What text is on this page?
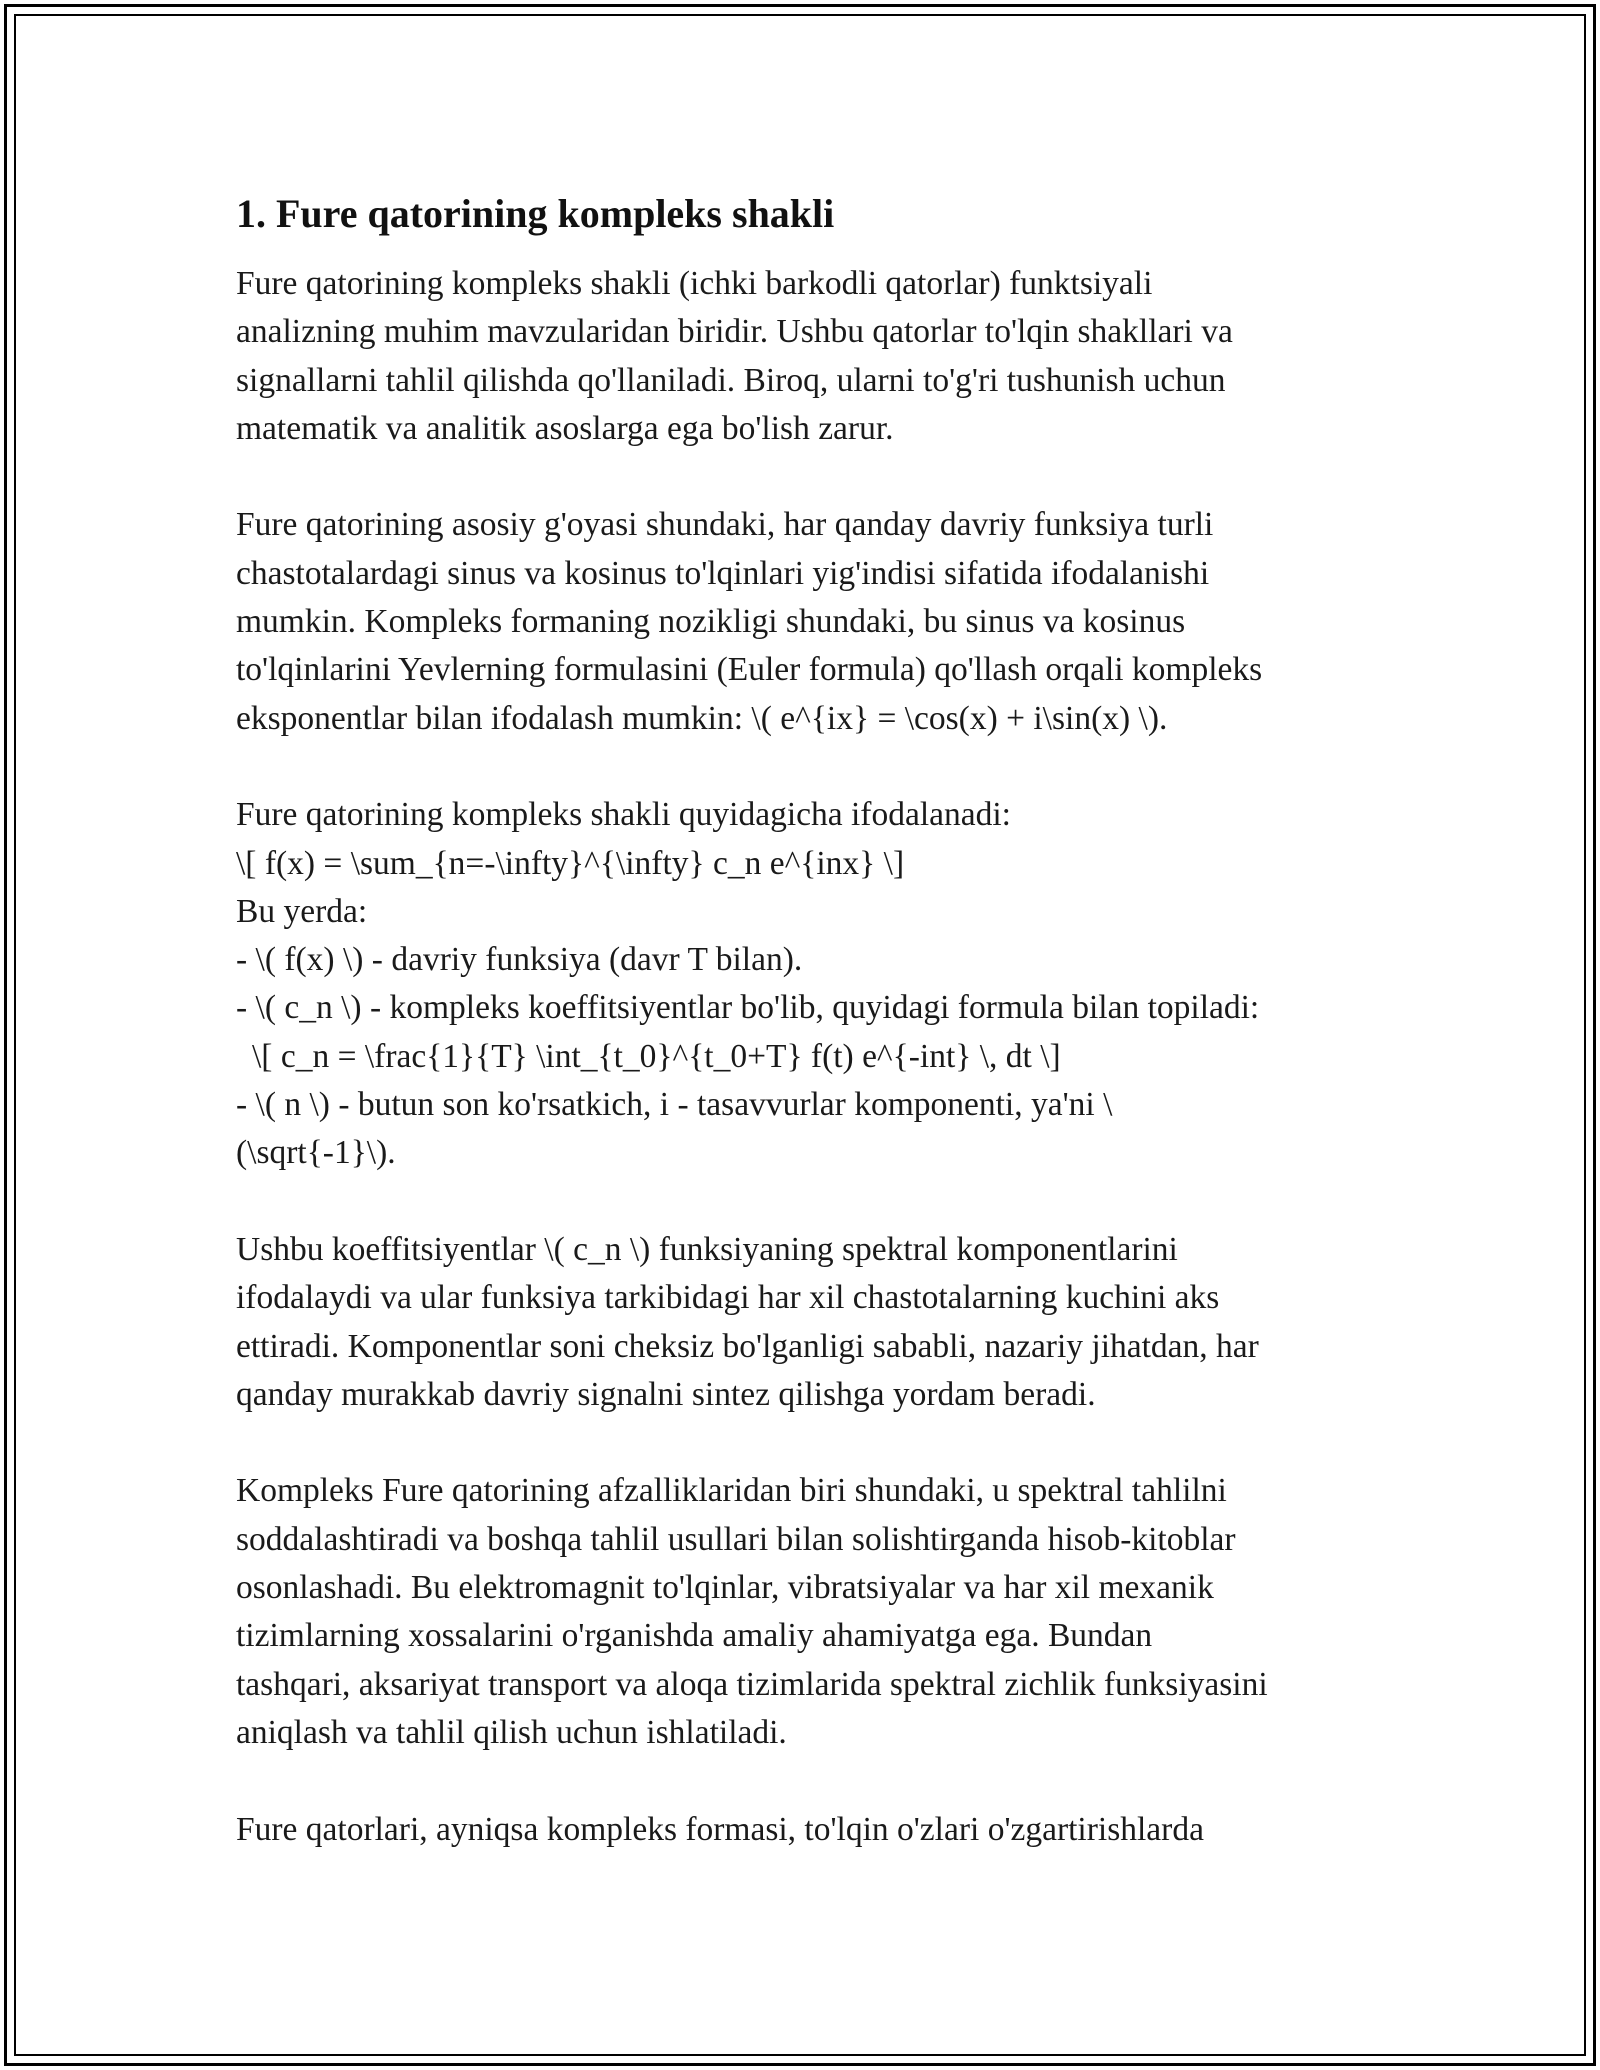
1. Fure qatorining kompleks shakli

Fure qatorining kompleks shakli (ichki barkodli qatorlar) funktsiyali
analizning muhim mavzularidan biridir. Ushbu qatorlar to'lqin shakllari va
signallarni tahlil qilishda qo'llaniladi. Biroq, ularni to'g'ri tushunish uchun
matematik va analitik asoslarga ega bo'lish zarur.

Fure qatorining asosiy g'oyasi shundaki, har qanday davriy funksiya turli
chastotalardagi sinus va kosinus to'lqinlari yig'indisi sifatida ifodalanishi
mumkin. Kompleks formaning nozikligi shundaki, bu sinus va kosinus
to'lqinlarini Yevlerning formulasini (Euler formula) qo'llash orqali kompleks
eksponentlar bilan ifodalash mumkin: \( e^{ix} = \cos(x) + i\sin(x) \).

Fure qatorining kompleks shakli quyidagicha ifodalanadi:
\[ f(x) = \sum_{n=-\infty}^{\infty} c_n e^{inx} \]
Bu yerda:
- \( f(x) \) - davriy funksiya (davr T bilan).
- \( c_n \) - kompleks koeffitsiyentlar bo'lib, quyidagi formula bilan topiladi:
\[ c_n = \frac{1}{T} \int_{t_0}^{t_0+T} f(t) e^{-int} \, dt \]
- \( n \) - butun son ko'rsatkich, i - tasavvurlar komponenti, ya'ni \
(\sqrt{-1}\).

Ushbu koeffitsiyentlar \( c_n \) funksiyaning spektral komponentlarini
ifodalaydi va ular funksiya tarkibidagi har xil chastotalarning kuchini aks
ettiradi. Komponentlar soni cheksiz bo'lganligi sababli, nazariy jihatdan, har
qanday murakkab davriy signalni sintez qilishga yordam beradi.

Kompleks Fure qatorining afzalliklaridan biri shundaki, u spektral tahlilni
soddalashtiradi va boshqa tahlil usullari bilan solishtirganda hisob-kitoblar
osonlashadi. Bu elektromagnit to'lqinlar, vibratsiyalar va har xil mexanik
tizimlarning xossalarini o'rganishda amaliy ahamiyatga ega. Bundan
tashqari, aksariyat transport va aloqa tizimlarida spektral zichlik funksiyasini
aniqlash va tahlil qilish uchun ishlatiladi.

Fure qatorlari, ayniqsa kompleks formasi, to'lqin o'zlari o'zgartirishlarda
